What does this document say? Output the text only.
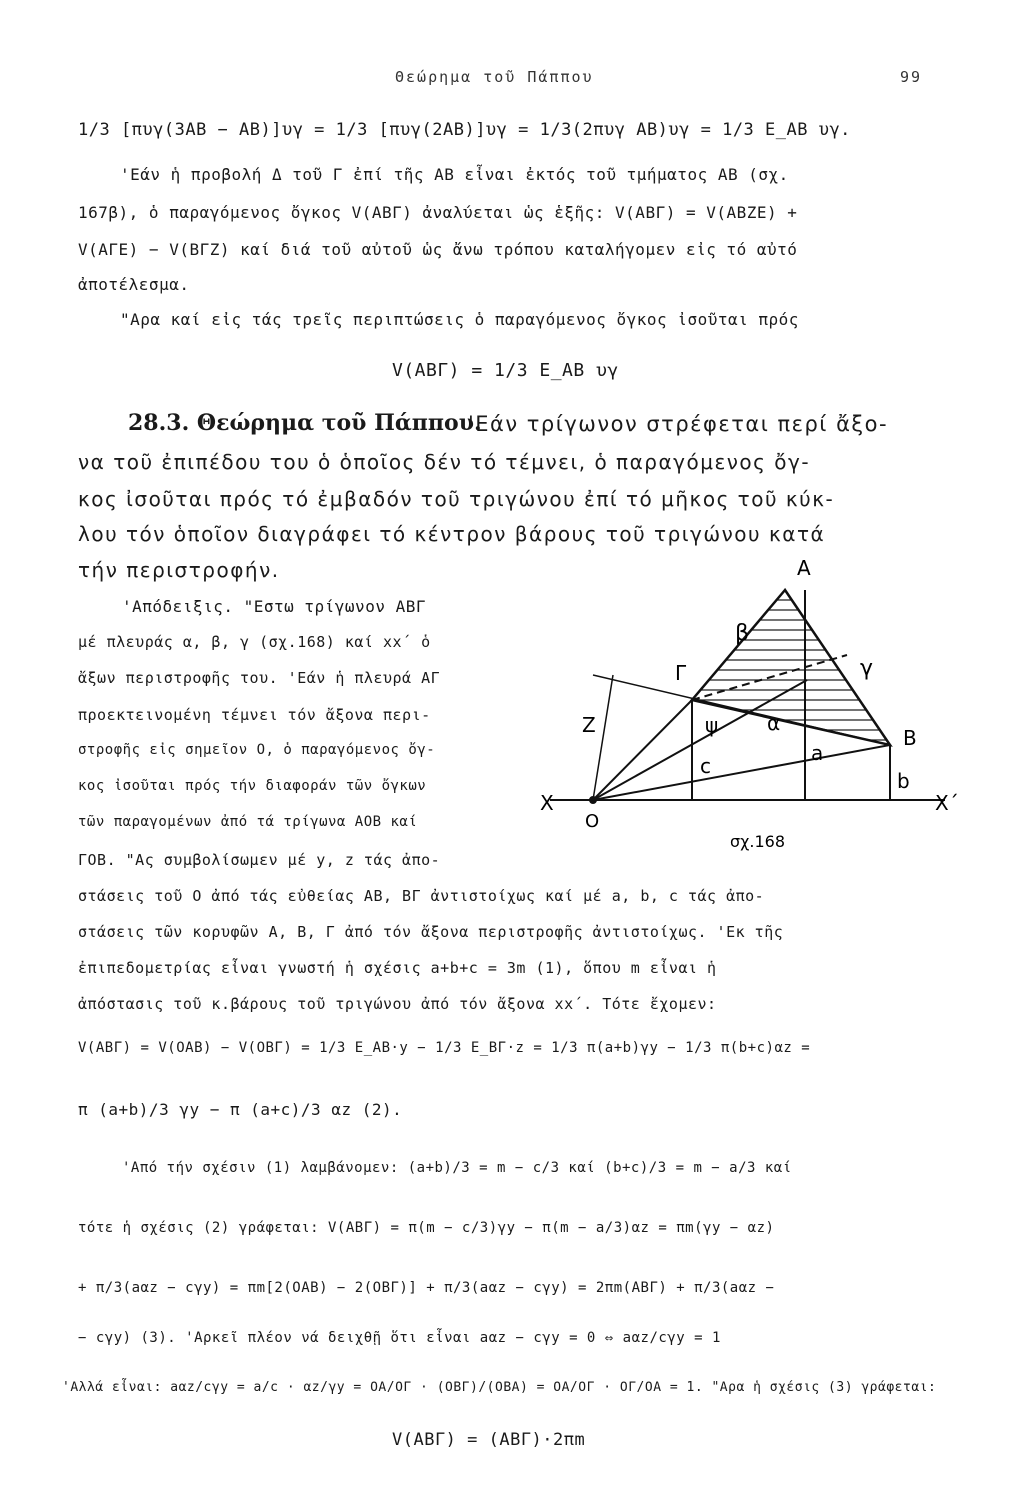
Θεώρημα τοῦ Πάππου	99
1/3 [πυγ(3AB − AB)]υγ = 1/3 [πυγ(2AB)]υγ = 1/3(2πυγ AB)υγ = 1/3 E_AB υγ.
'Εάν ἡ προβολή Δ τοῦ Γ ἐπί τῆς AB εἶναι ἐκτός τοῦ τμήματος AB (σχ.
167β), ὁ παραγόμενος ὄγκος V(ΑΒΓ) ἀναλύεται ὡς ἑξῆς: V(ΑΒΓ) = V(ΑΒΖΕ) +
V(ΑΓΕ) − V(ΒΓΖ) καί διά τοῦ αὐτοῦ ὡς ἄνω τρόπου καταλήγομεν εἰς τό αὐτό
ἀποτέλεσμα.
"Αρα καί εἰς τάς τρεῖς περιπτώσεις ὁ παραγόμενος ὄγκος ἰσοῦται πρός
V(ΑΒΓ) = 1/3 E_AB υγ
28.3. Θεώρημα τοῦ Πάππου.
'Εάν τρίγωνον στρέφεται περί ἄξο-
να τοῦ ἐπιπέδου του ὁ ὁποῖος δέν τό τέμνει, ὁ παραγόμενος ὄγ-
κος ἰσοῦται πρός τό ἐμβαδόν τοῦ τριγώνου ἐπί τό μῆκος τοῦ κύκ-
λου τόν ὁποῖον διαγράφει τό κέντρον βάρους τοῦ τριγώνου κατά
τήν περιστροφήν.
'Απόδειξις. "Εστω τρίγωνον ΑΒΓ
μέ πλευράς α, β, γ (σχ.168) καί xx΄ ὁ
ἄξων περιστροφῆς του. 'Εάν ἡ πλευρά ΑΓ
προεκτεινομένη τέμνει τόν ἄξονα περι-
στροφῆς εἰς σημεῖον Ο, ὁ παραγόμενος ὄγ-
κος ἰσοῦται πρός τήν διαφοράν τῶν ὄγκων
τῶν παραγομένων ἀπό τά τρίγωνα ΑΟΒ καί
ΓΟΒ. "Ας συμβολίσωμεν μέ y, z τάς ἀπο-
A
Γ
B
O
X	X΄
Z
β
γ
α
ψ
c
a
b
σχ.168
στάσεις τοῦ Ο ἀπό τάς εὐθείας AB, ΒΓ ἀντιστοίχως καί μέ a, b, c τάς ἀπο-
στάσεις τῶν κορυφῶν Α, Β, Γ ἀπό τόν ἄξονα περιστροφῆς ἀντιστοίχως. 'Εκ τῆς
ἐπιπεδομετρίας εἶναι γνωστή ἡ σχέσις a+b+c = 3m (1), ὅπου m εἶναι ἡ
ἀπόστασις τοῦ κ.βάρους τοῦ τριγώνου ἀπό τόν ἄξονα xx΄. Τότε ἔχομεν:
V(ΑΒΓ) = V(ΟΑΒ) − V(ΟΒΓ) = 1/3 E_AB·y − 1/3 E_ΒΓ·z = 1/3 π(a+b)γy − 1/3 π(b+c)αz =
π (a+b)/3 γy − π (a+c)/3 αz (2).
'Από τήν σχέσιν (1) λαμβάνομεν: (a+b)/3 = m − c/3 καί (b+c)/3 = m − a/3 καί
τότε ἡ σχέσις (2) γράφεται: V(ΑΒΓ) = π(m − c/3)γy − π(m − a/3)αz = πm(γy − αz)
+ π/3(aαz − cγy) = πm[2(ΟΑΒ) − 2(ΟΒΓ)] + π/3(aαz − cγy) = 2πm(ΑΒΓ) + π/3(aαz −
− cγy) (3). 'Αρκεῖ πλέον νά δειχθῇ ὅτι εἶναι aαz − cγy = 0 ⇔ aαz/cγy = 1
'Αλλά εἶναι: aαz/cγy = a/c · αz/γy = ΟΑ/ΟΓ · (ΟΒΓ)/(ΟΒΑ) = ΟΑ/ΟΓ · ΟΓ/ΟΑ = 1. "Αρα ἡ σχέσις (3) γράφεται:
V(ΑΒΓ) = (ΑΒΓ)·2πm
